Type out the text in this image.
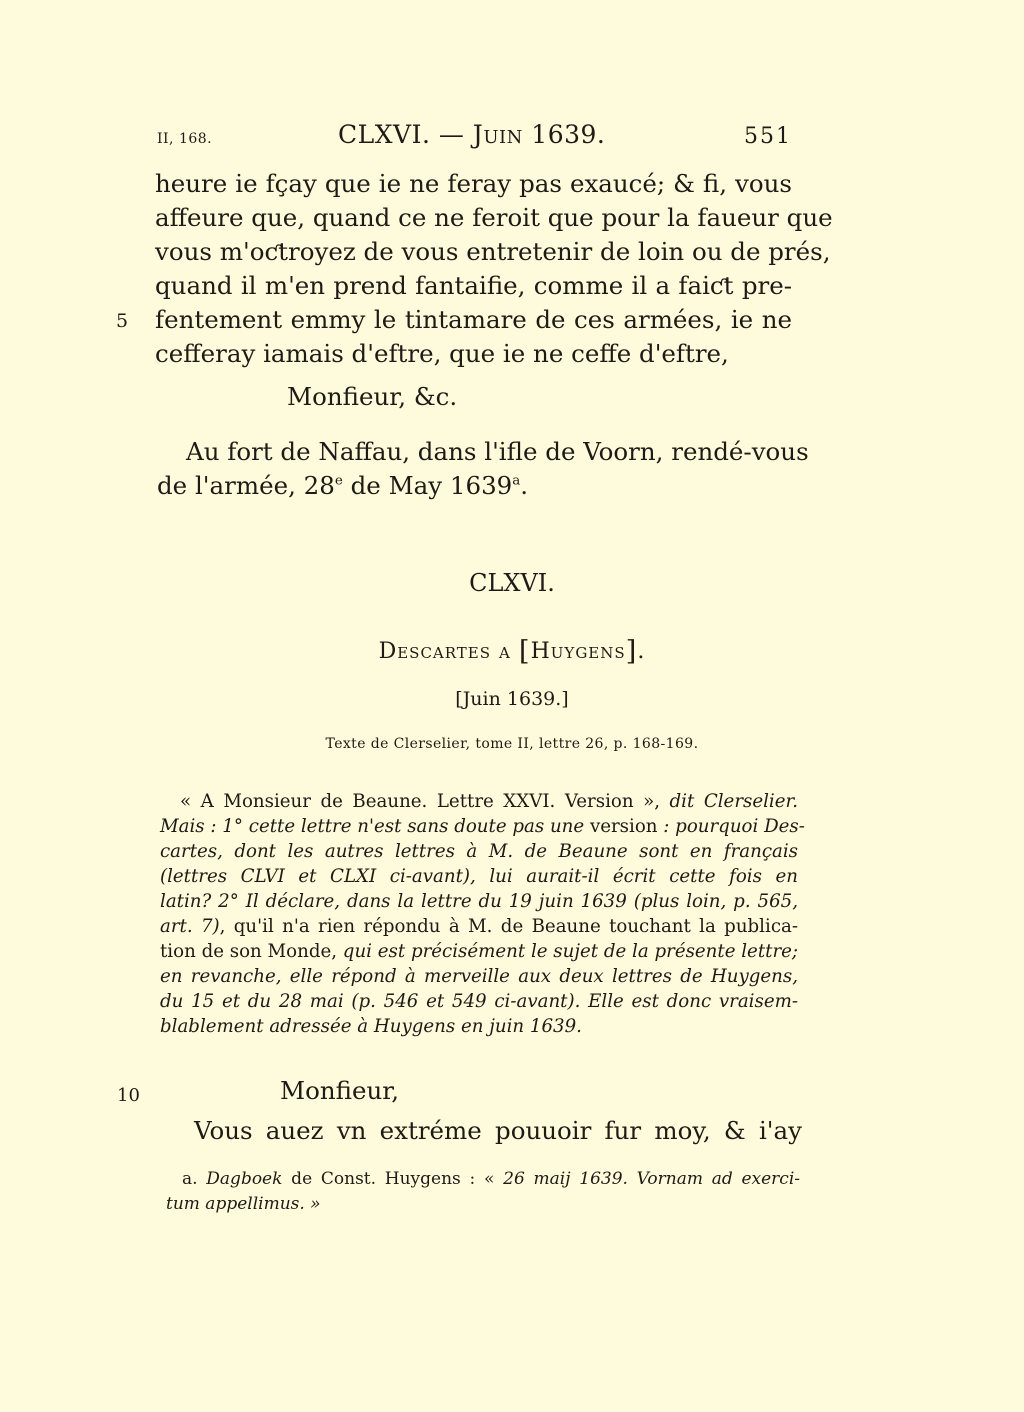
II, 168.	CLXVI. — Juin 1639.	551
heure ie fçay que ie ne feray pas exaucé; & fi, vous
affeure que, quand ce ne feroit que pour la faueur que
vous m'oƈtroyez de vous entretenir de loin ou de prés,
quand il m'en prend fantaifie, comme il a faiƈt pre-
5 fentement emmy le tintamare de ces armées, ie ne
cefferay iamais d'eftre, que ie ne ceffe d'eftre,
Monfieur, &c.
Au fort de Naffau, dans l'ifle de Voorn, rendé-vous
de l'armée, 28e de May 1639$^a$.
CLXVI.
Descartes a [Huygens].
[Juin 1639.]
Texte de Clerselier, tome II, lettre 26, p. 168-169.
« A Monsieur de Beaune. Lettre XXVI. Version », dit Clerselier.
Mais : 1° cette lettre n'est sans doute pas une version : pourquoi Des-
cartes, dont les autres lettres à M. de Beaune sont en français
(lettres CLVI et CLXI ci-avant), lui aurait-il écrit cette fois en
latin? 2° Il déclare, dans la lettre du 19 juin 1639 (plus loin, p. 565,
art. 7), qu'il n'a rien répondu à M. de Beaune touchant la publica-
tion de son Monde, qui est précisément le sujet de la présente lettre;
en revanche, elle répond à merveille aux deux lettres de Huygens,
du 15 et du 28 mai (p. 546 et 549 ci-avant). Elle est donc vraisem-
blablement adressée à Huygens en juin 1639.
10	Monfieur,
Vous auez vn extréme pouuoir fur moy, & i'ay
a. Dagboek de Const. Huygens : « 26 maij 1639. Vornam ad exerci-
tum appellimus. »
